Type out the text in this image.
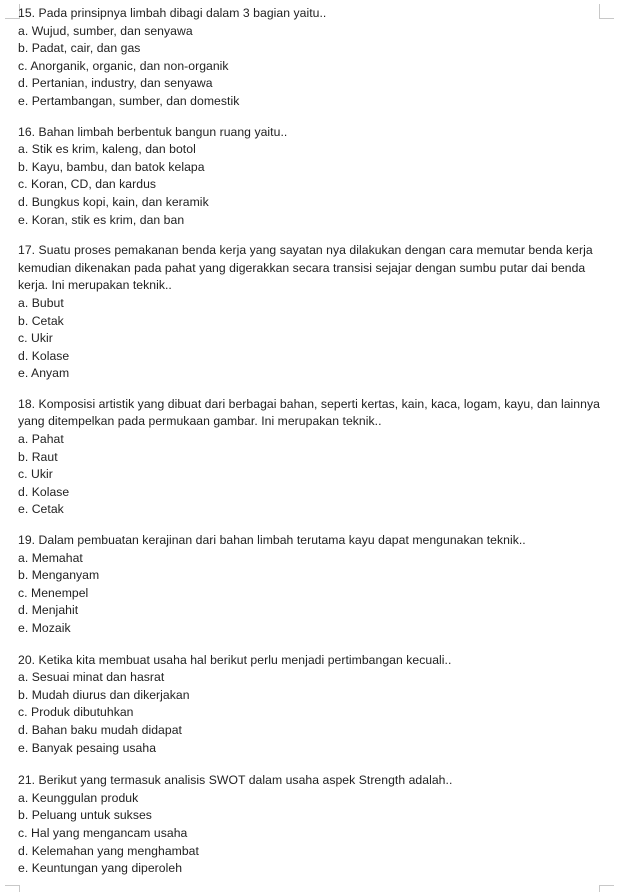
15. Pada prinsipnya limbah dibagi dalam 3 bagian yaitu..

a. Wujud, sumber, dan senyawa

b. Padat, cair, dan gas

c. Anorganik, organic, dan non-organik

d. Pertanian, industry, dan senyawa

e. Pertambangan, sumber, dan domestik

16. Bahan limbah berbentuk bangun ruang yaitu..

a. Stik es krim, kaleng, dan botol

b. Kayu, bambu, dan batok kelapa

c. Koran, CD, dan kardus

d. Bungkus kopi, kain, dan keramik

e. Koran, stik es krim, dan ban

17. Suatu proses pemakanan benda kerja yang sayatan nya dilakukan dengan cara memutar benda kerja kemudian dikenakan pada pahat yang digerakkan secara transisi sejajar dengan sumbu putar dai benda kerja. Ini merupakan teknik..

a. Bubut

b. Cetak

c. Ukir

d. Kolase

e. Anyam

18. Komposisi artistik yang dibuat dari berbagai bahan, seperti kertas, kain, kaca, logam, kayu, dan lainnya yang ditempelkan pada permukaan gambar. Ini merupakan teknik..

a. Pahat

b. Raut

c. Ukir

d. Kolase

e. Cetak

19. Dalam pembuatan kerajinan dari bahan limbah terutama kayu dapat mengunakan teknik..

a. Memahat

b. Menganyam

c. Menempel

d. Menjahit

e. Mozaik

20. Ketika kita membuat usaha hal berikut perlu menjadi pertimbangan kecuali..

a. Sesuai minat dan hasrat

b. Mudah diurus dan dikerjakan

c. Produk dibutuhkan

d. Bahan baku mudah didapat

e. Banyak pesaing usaha

21. Berikut yang termasuk analisis SWOT dalam usaha aspek Strength adalah..

a. Keunggulan produk

b. Peluang untuk sukses

c. Hal yang mengancam usaha

d. Kelemahan yang menghambat

e. Keuntungan yang diperoleh
